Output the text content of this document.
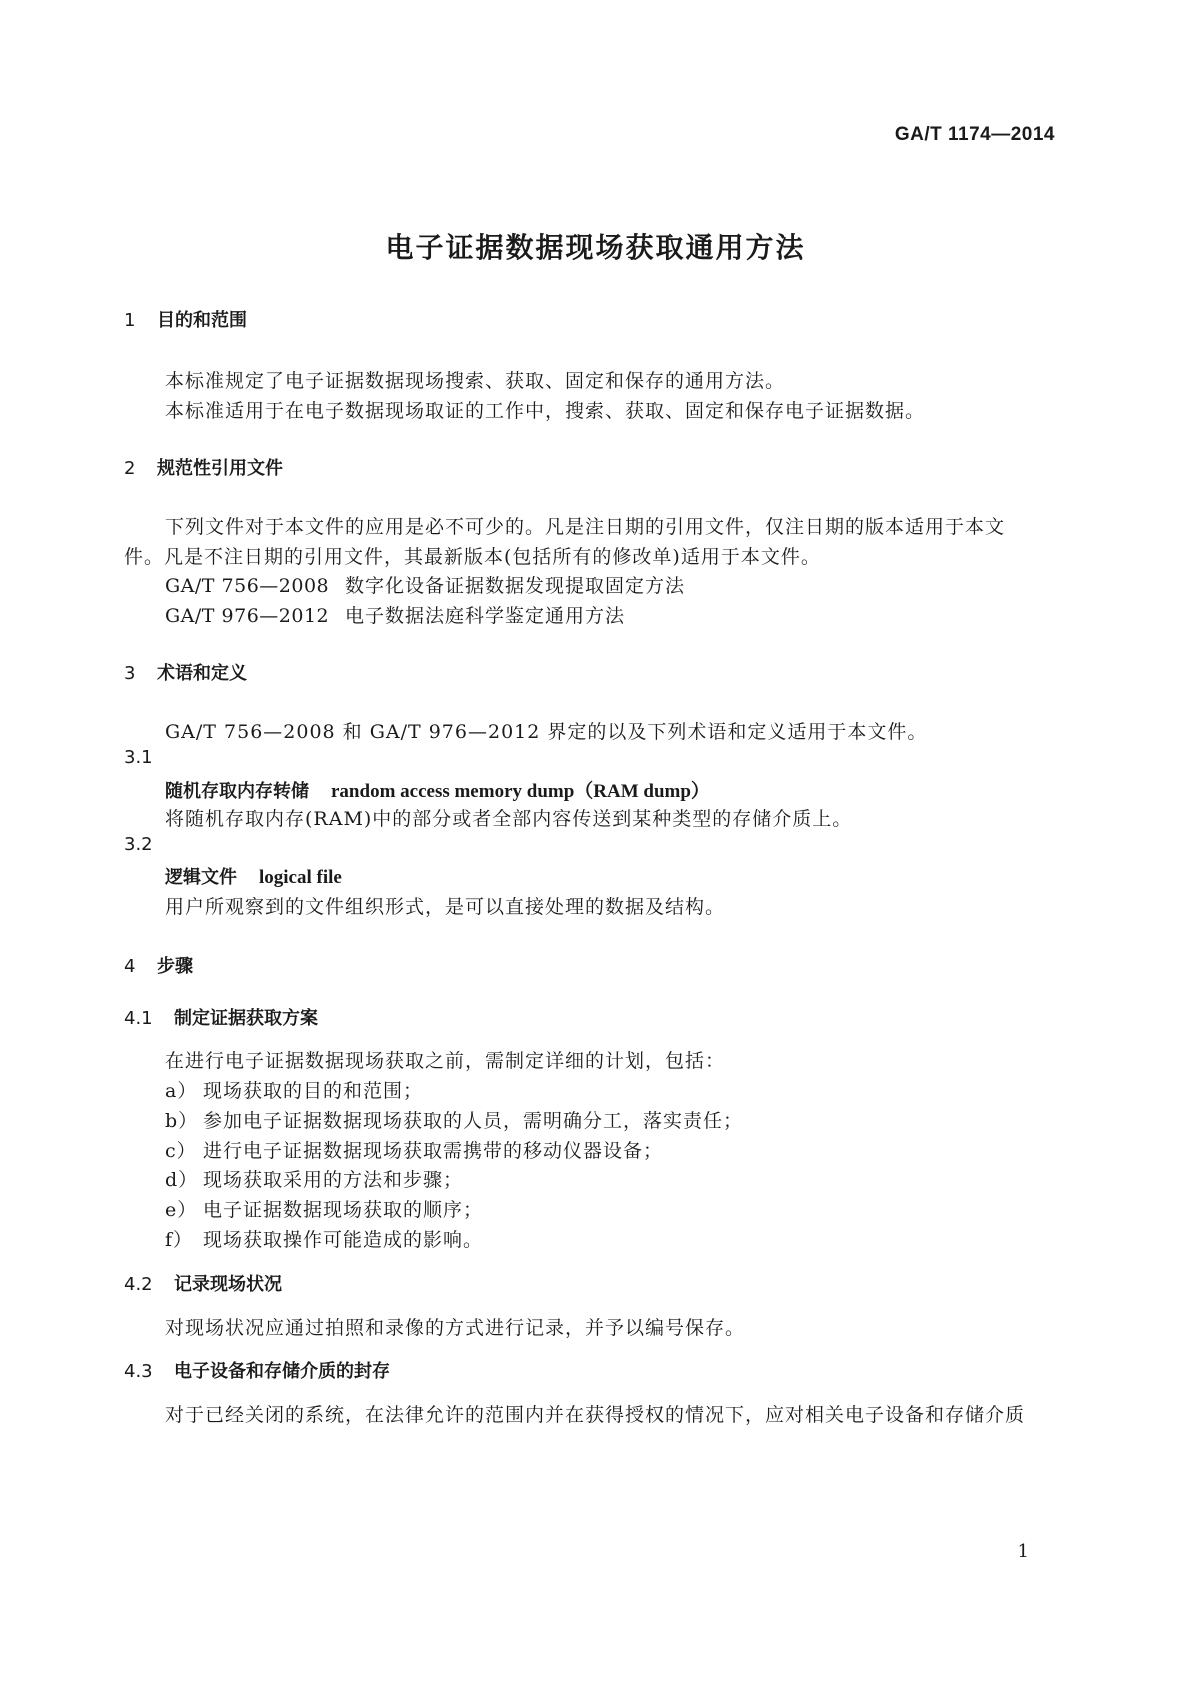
GA/T 1174—2014
电子证据数据现场获取通用方法
1 目的和范围
本标准规定了电子证据数据现场搜索、获取、固定和保存的通用方法。
本标准适用于在电子数据现场取证的工作中，搜索、获取、固定和保存电子证据数据。
2 规范性引用文件
下列文件对于本文件的应用是必不可少的。凡是注日期的引用文件，仅注日期的版本适用于本文
件。凡是不注日期的引用文件，其最新版本(包括所有的修改单)适用于本文件。
GA/T 756—2008 数字化设备证据数据发现提取固定方法
GA/T 976—2012 电子数据法庭科学鉴定通用方法
3 术语和定义
GA/T 756—2008 和 GA/T 976—2012 界定的以及下列术语和定义适用于本文件。
3.1
随机存取内存转储 random access memory dump（RAM dump）
将随机存取内存(RAM)中的部分或者全部内容传送到某种类型的存储介质上。
3.2
逻辑文件 logical file
用户所观察到的文件组织形式，是可以直接处理的数据及结构。
4 步骤
4.1 制定证据获取方案
在进行电子证据数据现场获取之前，需制定详细的计划，包括：
a） 现场获取的目的和范围；
b） 参加电子证据数据现场获取的人员，需明确分工，落实责任；
c） 进行电子证据数据现场获取需携带的移动仪器设备；
d） 现场获取采用的方法和步骤；
e） 电子证据数据现场获取的顺序；
f） 现场获取操作可能造成的影响。
4.2 记录现场状况
对现场状况应通过拍照和录像的方式进行记录，并予以编号保存。
4.3 电子设备和存储介质的封存
对于已经关闭的系统，在法律允许的范围内并在获得授权的情况下，应对相关电子设备和存储介质
1
